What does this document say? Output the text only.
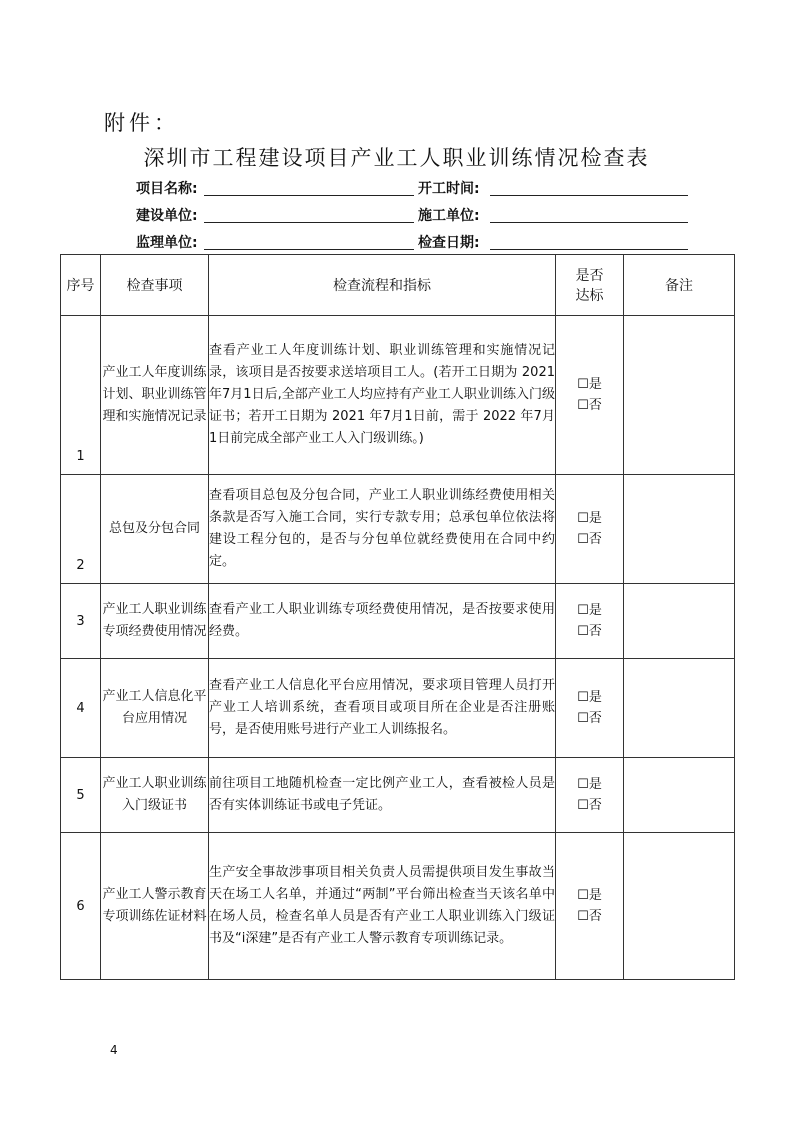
附件：
深圳市工程建设项目产业工人职业训练情况检查表
项目名称:	开工时间:
建设单位:	施工单位:
监理单位:	检查日期:
序号	检查事项	检查流程和指标	是否
达标	备注
1	产业工人年度训练计划、职业训练管理和实施情况记录	查看产业工人年度训练计划、职业训练管理和实施情况记录，该项目是否按要求送培项目工人。(若开工日期为 2021 年7月1日后,全部产业工人均应持有产业工人职业训练入门级证书；若开工日期为 2021 年7月1日前，需于 2022 年7月1日前完成全部产业工人入门级训练。)	☐是
☐否	

2	总包及分包合同	查看项目总包及分包合同，产业工人职业训练经费使用相关条款是否写入施工合同，实行专款专用；总承包单位依法将建设工程分包的，是否与分包单位就经费使用在合同中约定。	☐是
☐否	

3	产业工人职业训练专项经费使用情况	查看产业工人职业训练专项经费使用情况，是否按要求使用经费。	☐是
☐否	

4	产业工人信息化平台应用情况	查看产业工人信息化平台应用情况，要求项目管理人员打开产业工人培训系统，查看项目或项目所在企业是否注册账号，是否使用账号进行产业工人训练报名。	☐是
☐否	

5	产业工人职业训练入门级证书	前往项目工地随机检查一定比例产业工人，查看被检人员是否有实体训练证书或电子凭证。	☐是
☐否	

6	产业工人警示教育专项训练佐证材料	生产安全事故涉事项目相关负责人员需提供项目发生事故当天在场工人名单，并通过“两制”平台筛出检查当天该名单中在场人员，检查名单人员是否有产业工人职业训练入门级证书及“i深建”是否有产业工人警示教育专项训练记录。	☐是
☐否	

4
